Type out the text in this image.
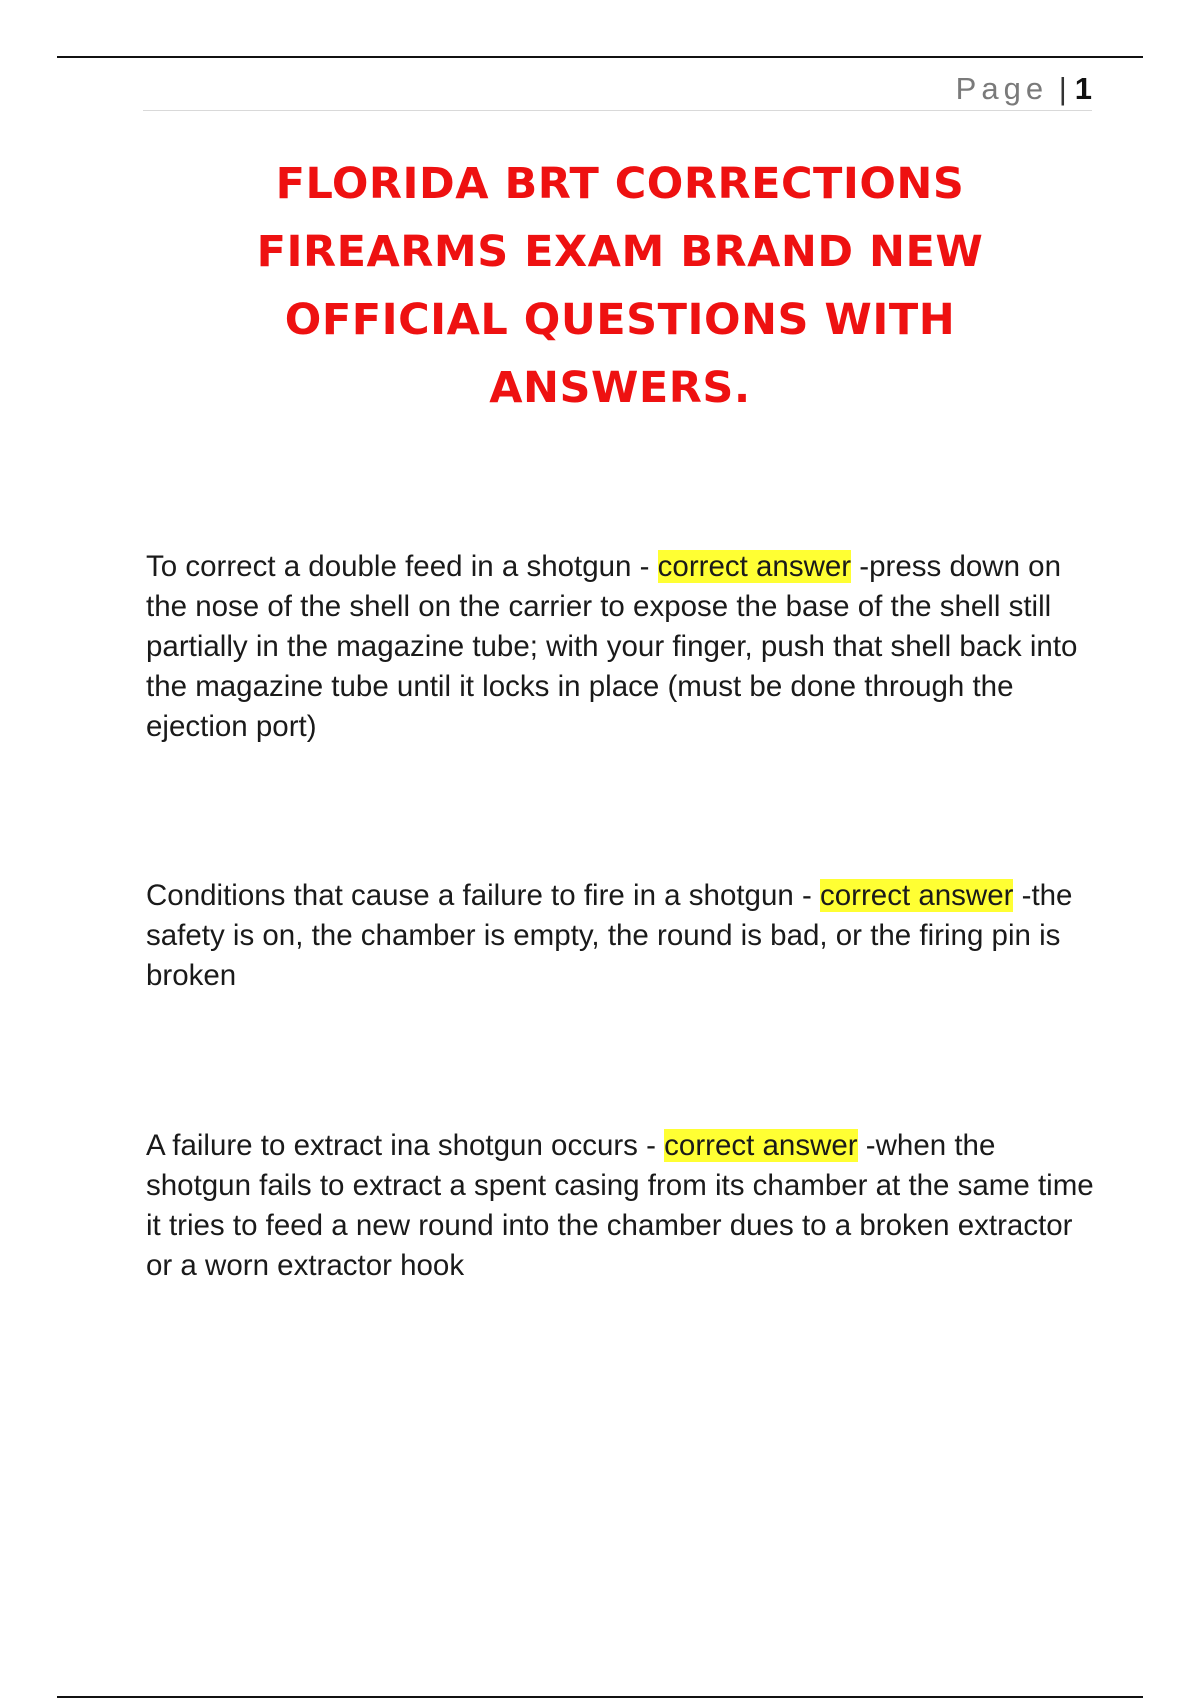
Page | 1
FLORIDA BRT CORRECTIONS FIREARMS EXAM BRAND NEW OFFICIAL QUESTIONS WITH ANSWERS.

To correct a double feed in a shotgun - correct answer -press down on the nose of the shell on the carrier to expose the base of the shell still partially in the magazine tube; with your finger, push that shell back into the magazine tube until it locks in place (must be done through the ejection port)

Conditions that cause a failure to fire in a shotgun - correct answer -the safety is on, the chamber is empty, the round is bad, or the firing pin is broken

A failure to extract ina shotgun occurs - correct answer -when the shotgun fails to extract a spent casing from its chamber at the same time it tries to feed a new round into the chamber dues to a broken extractor or a worn extractor hook
